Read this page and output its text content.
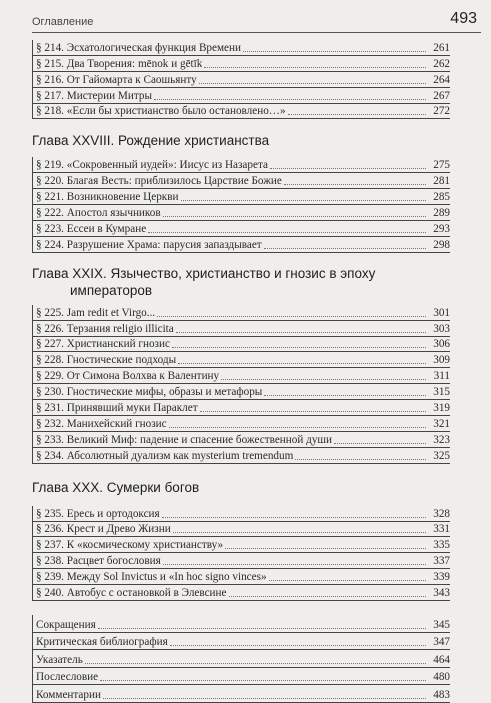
Оглавление	493
§ 214. Эсхатологическая функция Времени	261
§ 215. Два Творения: mēnok и gētīk	262
§ 216. От Гайомарта к Саошьянту	264
§ 217. Мистерии Митры	267
§ 218. «Если бы христианство было остановлено…»	272
Глава XXVIII. Рождение христианства
§ 219. «Сокровенный иудей»: Иисус из Назарета	275
§ 220. Благая Весть: приблизилось Царствие Божие	281
§ 221. Возникновение Церкви	285
§ 222. Апостол язычников	289
§ 223. Ессеи в Кумране	293
§ 224. Разрушение Храма: парусия запаздывает	298
Глава XXIX. Язычество, христианство и гнозис в эпоху
императоров
§ 225. Jam redit et Virgo...	301
§ 226. Терзания religio illicita	303
§ 227. Христианский гнозис	306
§ 228. Гностические подходы	309
§ 229. От Симона Волхва к Валентину	311
§ 230. Гностические мифы, образы и метафоры	315
§ 231. Принявший муки Параклет	319
§ 232. Манихейский гнозис	321
§ 233. Великий Миф: падение и спасение божественной души	323
§ 234. Абсолютный дуализм как mysterium tremendum	325
Глава XXX. Сумерки богов
§ 235. Ересь и ортодоксия	328
§ 236. Крест и Древо Жизни	331
§ 237. К «космическому христианству»	335
§ 238. Расцвет богословия	337
§ 239. Между Sol Invictus и «In hoc signo vinces»	339
§ 240. Автобус с остановкой в Элевсине	343
Сокращения	345
Критическая библиография	347
Указатель	464
Послесловие	480
Комментарии	483
